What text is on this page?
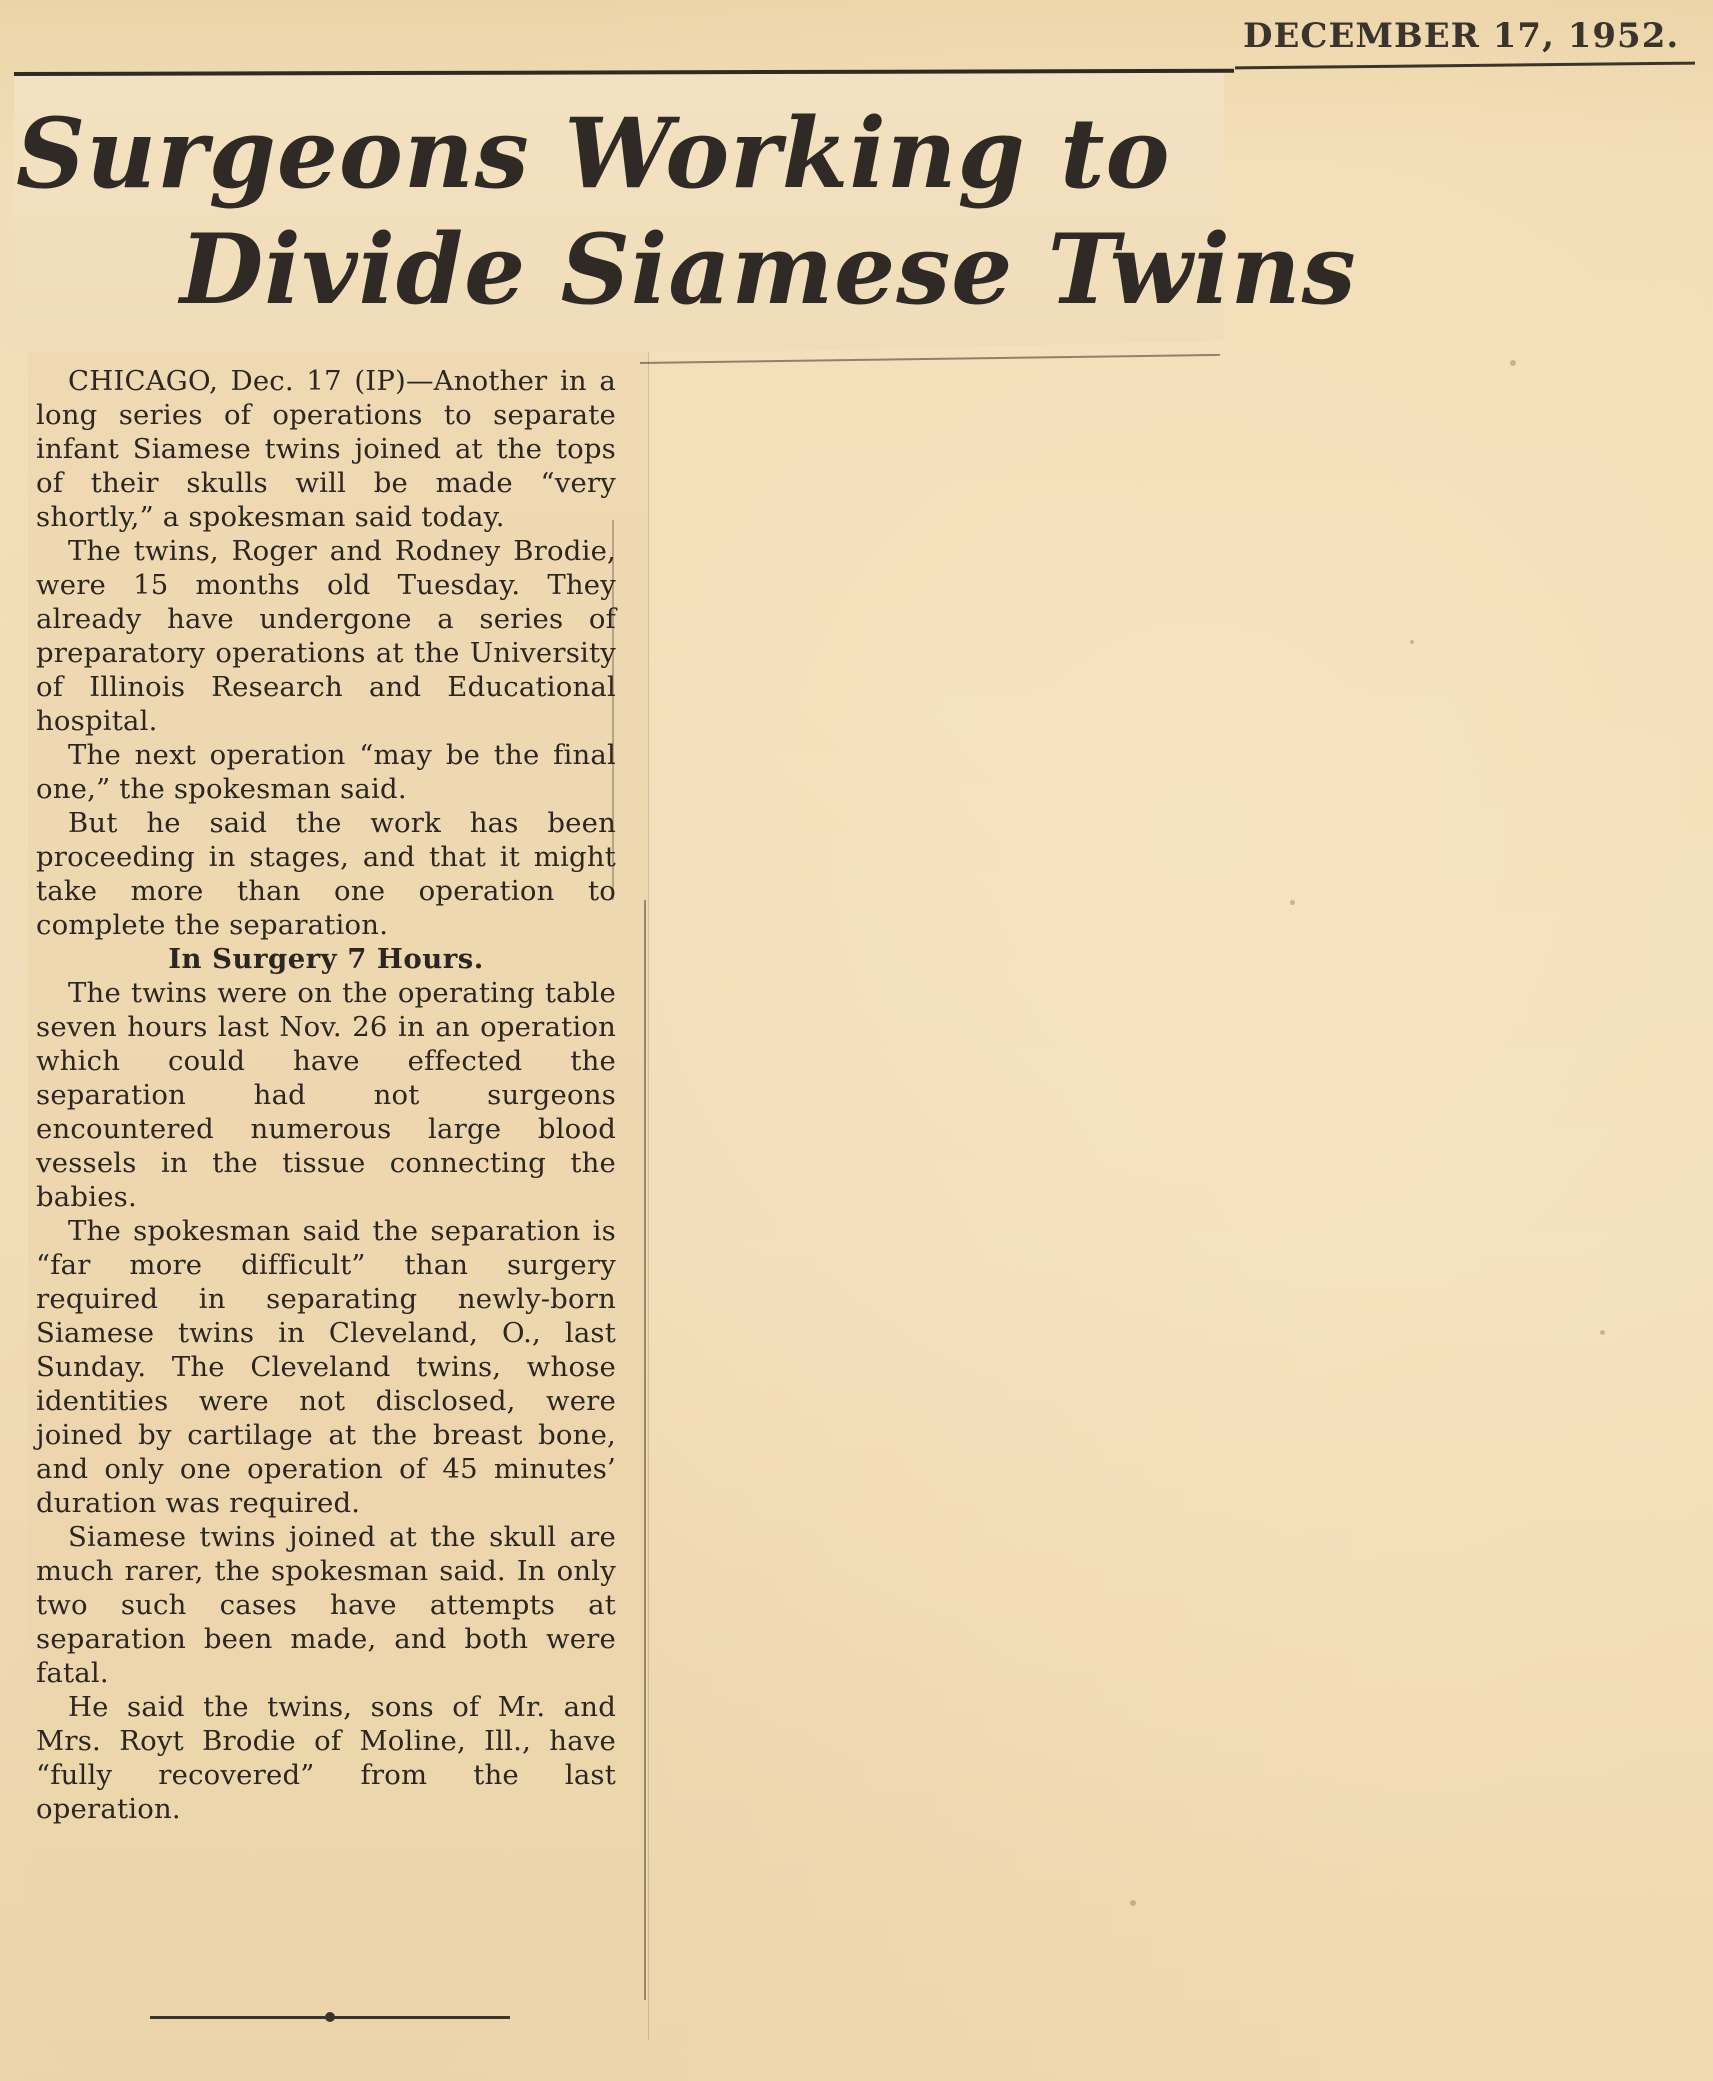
DECEMBER 17, 1952.
Surgeons Working to
Divide Siamese Twins

CHICAGO, Dec. 17 (IP)—Another in a long series of operations to separate infant Siamese twins joined at the tops of their skulls will be made “very shortly,” a spokesman said today.

The twins, Roger and Rodney Brodie, were 15 months old Tuesday. They already have undergone a series of preparatory operations at the University of Illinois Research and Educational hospital.

The next operation “may be the final one,” the spokesman said.

But he said the work has been proceeding in stages, and that it might take more than one operation to complete the separation.

In Surgery 7 Hours.

The twins were on the operating table seven hours last Nov. 26 in an operation which could have effected the separation had not surgeons encountered numerous large blood vessels in the tissue connecting the babies.

The spokesman said the separation is “far more difficult” than surgery required in separating newly-born Siamese twins in Cleveland, O., last Sunday. The Cleveland twins, whose identities were not disclosed, were joined by cartilage at the breast bone, and only one operation of 45 minutes’ duration was required.

Siamese twins joined at the skull are much rarer, the spokesman said. In only two such cases have attempts at separation been made, and both were fatal.

He said the twins, sons of Mr. and Mrs. Royt Brodie of Moline, Ill., have “fully recovered” from the last operation.
